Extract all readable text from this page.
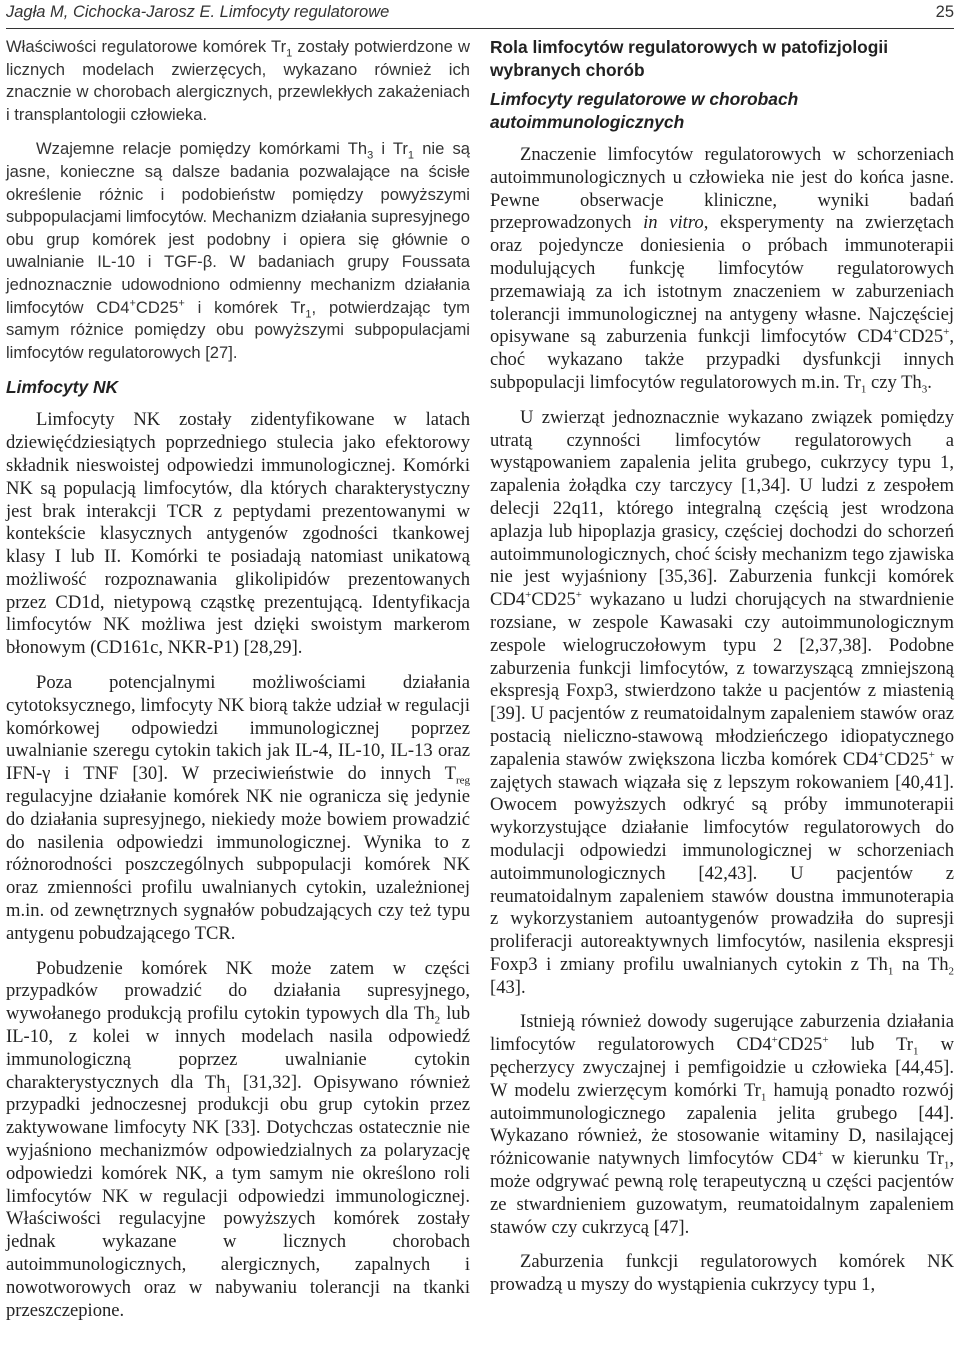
Jagła M, Cichocka-Jarosz E. Limfocyty regulatorowe	25

Właściwości regulatorowe komórek $Tr_1$ zostały potwierdzone w licznych modelach zwierzęcych, wykazano również ich znacznie w chorobach alergicznych, przewlekłych zakażeniach i transplantologii człowieka.

Wzajemne relacje pomiędzy komórkami $Th_3$ i $Tr_1$ nie są jasne, konieczne są dalsze badania pozwalające na ścisłe określenie różnic i podobieństw pomiędzy powyższymi subpopulacjami limfocytów. Mechanizm działania supresyjnego obu grup komórek jest podobny i opiera się głównie o uwalnianie IL-10 i TGF-β. W badaniach grupy Foussata jednoznacznie udowodniono odmienny mechanizm działania limfocytów CD4+CD25+ i komórek $Tr_1$, potwierdzając tym samym różnice pomiędzy obu powyższymi subpopulacjami limfocytów regulatorowych [27].

Limfocyty NK

Limfocyty NK zostały zidentyfikowane w latach dziewięćdziesiątych poprzedniego stulecia jako efektorowy składnik nieswoistej odpowiedzi immunologicznej. Komórki NK są populacją limfocytów, dla których charakterystyczny jest brak interakcji TCR z peptydami prezentowanymi w kontekście klasycznych antygenów zgodności tkankowej klasy I lub II. Komórki te posiadają natomiast unikatową możliwość rozpoznawania glikolipidów prezentowanych przez CD1d, nietypową cząstkę prezentującą. Identyfikacja limfocytów NK możliwa jest dzięki swoistym markerom błonowym (CD161c, NKR-P1) [28,29].

Poza potencjalnymi możliwościami działania cytotoksycznego, limfocyty NK biorą także udział w regulacji komórkowej odpowiedzi immunologicznej poprzez uwalnianie szeregu cytokin takich jak IL-4, IL-10, IL-13 oraz IFN-γ i TNF [30]. W przeciwieństwie do innych $T_{reg}$ regulacyjne działanie komórek NK nie ogranicza się jedynie do działania supresyjnego, niekiedy może bowiem prowadzić do nasilenia odpowiedzi immunologicznej. Wynika to z różnorodności poszczególnych subpopulacji komórek NK oraz zmienności profilu uwalnianych cytokin, uzależnionej m.in. od zewnętrznych sygnałów pobudzających czy też typu antygenu pobudzającego TCR.

Pobudzenie komórek NK może zatem w części przypadków prowadzić do działania supresyjnego, wywołanego produkcją profilu cytokin typowych dla $Th_2$ lub IL-10, z kolei w innych modelach nasila odpowiedź immunologiczną poprzez uwalnianie cytokin charakterystycznych dla $Th_1$ [31,32]. Opisywano również przypadki jednoczesnej produkcji obu grup cytokin przez zaktywowane limfocyty NK [33]. Dotychczas ostatecznie nie wyjaśniono mechanizmów odpowiedzialnych za polaryzację odpowiedzi komórek NK, a tym samym nie określono roli limfocytów NK w regulacji odpowiedzi immunologicznej. Właściwości regulacyjne powyższych komórek zostały jednak wykazane w licznych chorobach autoimmunologicznych, alergicznych, zapalnych i nowotworowych oraz w nabywaniu tolerancji na tkanki przeszczepione.

Rola limfocytów regulatorowych w patofizjologii wybranych chorób
Limfocyty regulatorowe w chorobach autoimmunologicznych

Znaczenie limfocytów regulatorowych w schorzeniach autoimmunologicznych u człowieka nie jest do końca jasne. Pewne obserwacje kliniczne, wyniki badań przeprowadzonych in vitro, eksperymenty na zwierzętach oraz pojedyncze doniesienia o próbach immunoterapii modulujących funkcję limfocytów regulatorowych przemawiają za ich istotnym znaczeniem w zaburzeniach tolerancji immunologicznej na antygeny własne. Najczęściej opisywane są zaburzenia funkcji limfocytów CD4+CD25+, choć wykazano także przypadki dysfunkcji innych subpopulacji limfocytów regulatorowych m.in. $Tr_1$ czy $Th_3$.

U zwierząt jednoznacznie wykazano związek pomiędzy utratą czynności limfocytów regulatorowych a wystąpowaniem zapalenia jelita grubego, cukrzycy typu 1, zapalenia żołądka czy tarczycy [1,34]. U ludzi z zespołem delecji 22q11, którego integralną częścią jest wrodzona aplazja lub hipoplazja grasicy, częściej dochodzi do schorzeń autoimmunologicznych, choć ścisły mechanizm tego zjawiska nie jest wyjaśniony [35,36]. Zaburzenia funkcji komórek CD4+CD25+ wykazano u ludzi chorujących na stwardnienie rozsiane, w zespole Kawasaki czy autoimmunologicznym zespole wielogruczołowym typu 2 [2,37,38]. Podobne zaburzenia funkcji limfocytów, z towarzyszącą zmniejszoną ekspresją Foxp3, stwierdzono także u pacjentów z miastenią [39]. U pacjentów z reumatoidalnym zapaleniem stawów oraz postacią nieliczno-stawową młodzieńczego idiopatycznego zapalenia stawów zwiększona liczba komórek CD4+CD25+ w zajętych stawach wiązała się z lepszym rokowaniem [40,41]. Owocem powyższych odkryć są próby immunoterapii wykorzystujące działanie limfocytów regulatorowych do modulacji odpowiedzi immunologicznej w schorzeniach autoimmunologicznych [42,43]. U pacjentów z reumatoidalnym zapaleniem stawów doustna immunoterapia z wykorzystaniem autoantygenów prowadziła do supresji proliferacji autoreaktywnych limfocytów, nasilenia ekspresji Foxp3 i zmiany profilu uwalnianych cytokin z $Th_1$ na $Th_2$ [43].

Istnieją również dowody sugerujące zaburzenia działania limfocytów regulatorowych CD4+CD25+ lub $Tr_1$ w pęcherzycy zwyczajnej i pemfigoidzie u człowieka [44,45]. W modelu zwierzęcym komórki $Tr_1$ hamują ponadto rozwój autoimmunologicznego zapalenia jelita grubego [44]. Wykazano również, że stosowanie witaminy D, nasilającej różnicowanie natywnych limfocytów CD4+ w kierunku $Tr_1$, może odgrywać pewną rolę terapeutyczną u części pacjentów ze stwardnieniem guzowatym, reumatoidalnym zapaleniem stawów czy cukrzycą [47].

Zaburzenia funkcji regulatorowych komórek NK prowadzą u myszy do wystąpienia cukrzycy typu 1,
